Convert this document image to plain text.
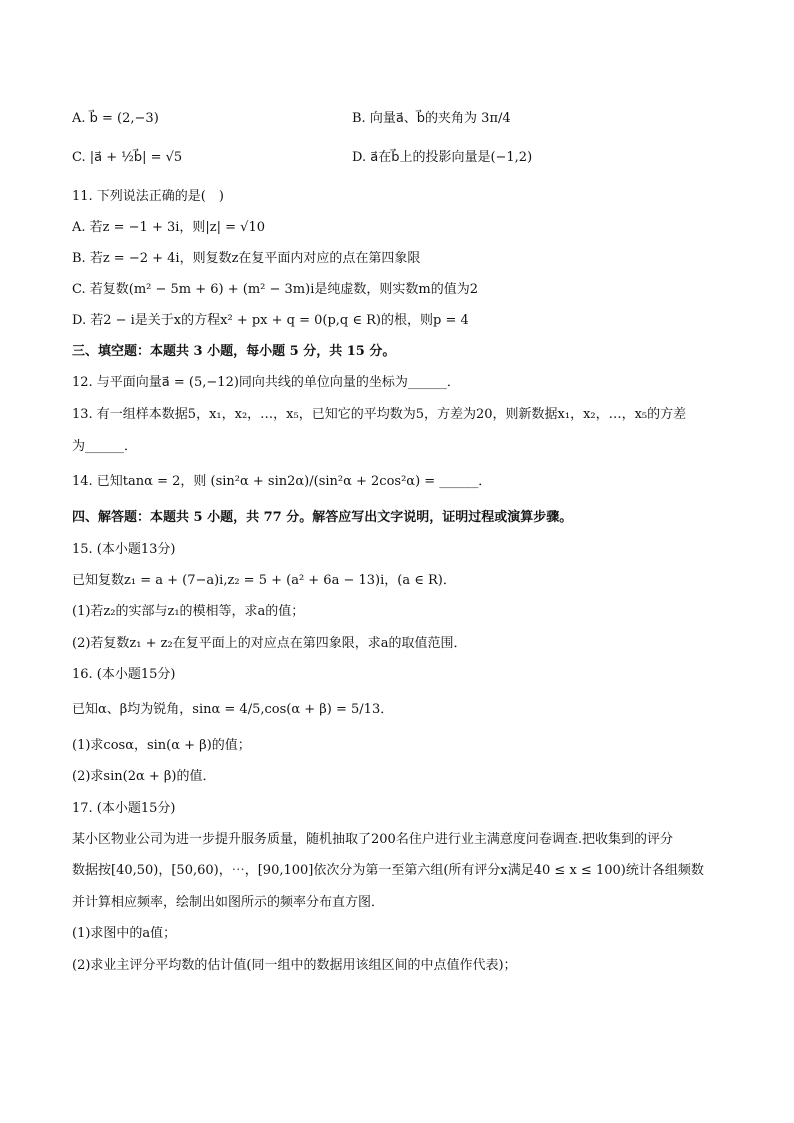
A. b⃗ = (2,−3)	B. 向量a⃗、b⃗的夹角为 3π/4
C. |a⃗ + ½b⃗| = √5	D. a⃗在b⃗上的投影向量是(−1,2)
11. 下列说法正确的是(　)
A. 若z = −1 + 3i，则|z| = √10
B. 若z = −2 + 4i，则复数z在复平面内对应的点在第四象限
C. 若复数(m² − 5m + 6) + (m² − 3m)i是纯虚数，则实数m的值为2
D. 若2 − i是关于x的方程x² + px + q = 0(p,q ∈ R)的根，则p = 4
三、填空题：本题共 3 小题，每小题 5 分，共 15 分。
12. 与平面向量a⃗ = (5,−12)同向共线的单位向量的坐标为______．
13. 有一组样本数据5，x₁，x₂，…，x₅，已知它的平均数为5，方差为20，则新数据x₁，x₂，…，x₅的方差
为______．
14. 已知tanα = 2，则 (sin²α + sin2α)/(sin²α + 2cos²α) = ______．
四、解答题：本题共 5 小题，共 77 分。解答应写出文字说明，证明过程或演算步骤。
15. (本小题13分)
已知复数z₁ = a + (7−a)i,z₂ = 5 + (a² + 6a − 13)i，(a ∈ R)．
(1)若z₂的实部与z₁的模相等，求a的值；
(2)若复数z₁ + z₂在复平面上的对应点在第四象限，求a的取值范围．
16. (本小题15分)
已知α、β均为锐角，sinα = 4/5,cos(α + β) = 5/13．
(1)求cosα，sin(α + β)的值；
(2)求sin(2α + β)的值．
17. (本小题15分)
某小区物业公司为进一步提升服务质量，随机抽取了200名住户进行业主满意度问卷调查.把收集到的评分
数据按[40,50)，[50,60)，⋯，[90,100]依次分为第一至第六组(所有评分x满足40 ≤ x ≤ 100)统计各组频数
并计算相应频率，绘制出如图所示的频率分布直方图．
(1)求图中的a值；
(2)求业主评分平均数的估计值(同一组中的数据用该组区间的中点值作代表)；
